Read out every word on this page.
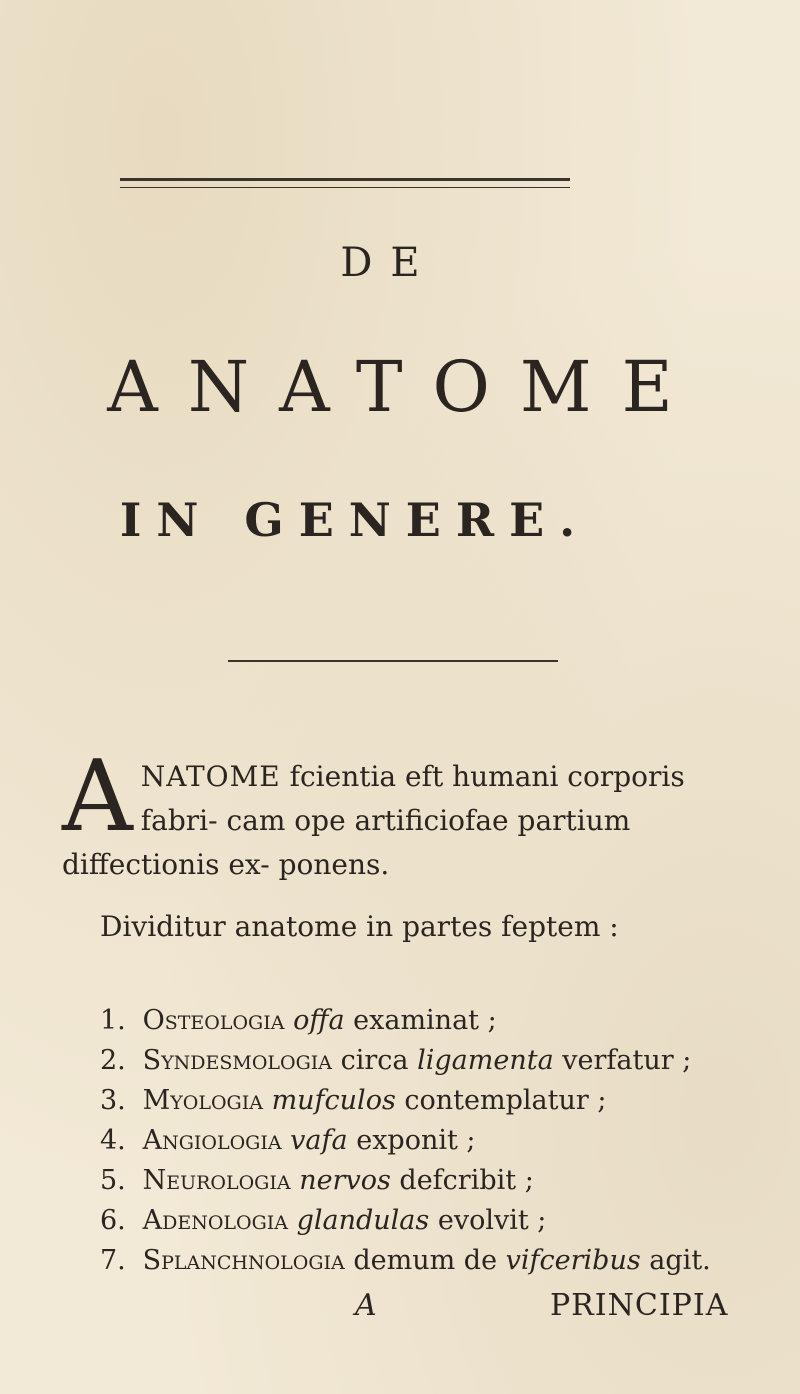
DE
ANATOME
IN GENERE.
ANATOME fcientia eft humani corporis fabri- cam ope artificiofae partium diffectionis ex- ponens.
Dividitur anatome in partes feptem :
1. Osteologia offa examinat ;
2. Syndesmologia circa ligamenta verfatur ;
3. Myologia mufculos contemplatur ;
4. Angiologia vafa exponit ;
5. Neurologia nervos defcribit ;
6. Adenologia glandulas evolvit ;
7. Splanchnologia demum de vifceribus agit.
A	PRINCIPIA
